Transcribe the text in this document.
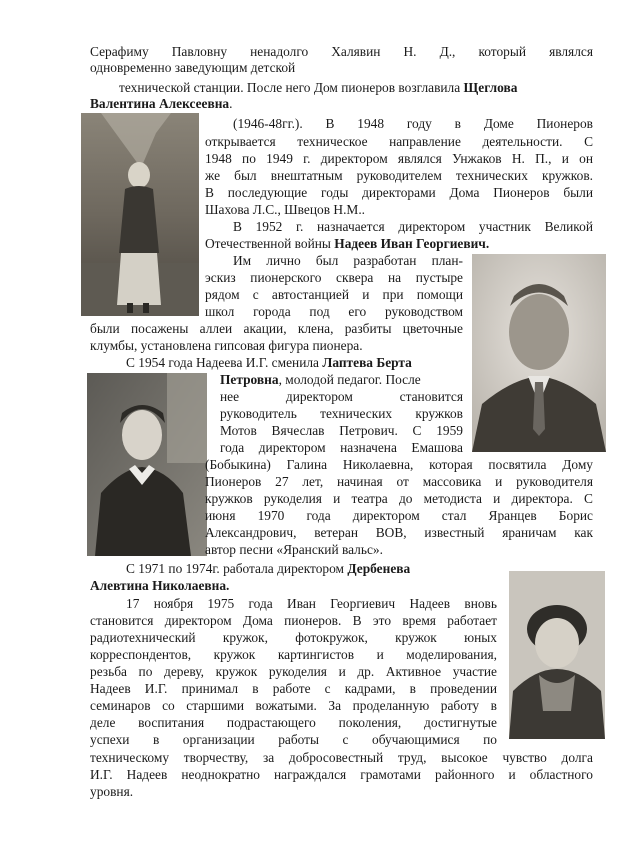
Серафиму Павловну ненадолго Халявин Н. Д., который являлся
одновременно заведующим детской
технической станции. После него Дом пионеров возглавила Щеглова
Валентина Алексеевна.
(1946-48гг.). В 1948 году в Доме Пионеров
открывается техническое направление деятельности. С
1948 по 1949 г. директором являлся Унжаков Н. П., и он
же был внештатным руководителем технических кружков.
В последующие годы директорами Дома Пионеров были
Шахова Л.С., Швецов Н.М..
В 1952 г. назначается директором участник Великой
Отечественной войны Надеев Иван Георгиевич.
Им лично был разработан план-
эскиз пионерского сквера на пустыре
рядом с автостанцией и при помощи
школ города под его руководством
были посажены аллеи акации, клена, разбиты цветочные
клумбы, установлена гипсовая фигура пионера.
С 1954 года Надеева И.Г. сменила Лаптева Берта
Петровна, молодой педагог. После
нее директором становится
руководитель технических кружков
Мотов Вячеслав Петрович. С 1959
года директором назначена Емашова
(Бобыкина) Галина Николаевна, которая посвятила Дому
Пионеров 27 лет, начиная от массовика и руководителя
кружков рукоделия и театра до методиста и директора. С
июня 1970 года директором стал Яранцев Борис
Александрович, ветеран ВОВ, известный яраничам как
автор песни «Яранский вальс».
С 1971 по 1974г. работала директором Дербенева
Алевтина Николаевна.
17 ноября 1975 года Иван Георгиевич Надеев вновь
становится директором Дома пионеров. В это время работает
радиотехнический кружок, фотокружок, кружок юных
корреспондентов, кружок картингистов и моделирования,
резьба по дереву, кружок рукоделия и др. Активное участие
Надеев И.Г. принимал в работе с кадрами, в проведении
семинаров со старшими вожатыми. За проделанную работу в
деле воспитания подрастающего поколения, достигнутые
успехи в организации работы с обучающимися по
техническому творчеству, за добросовестный труд, высокое чувство долга
И.Г. Надеев неоднократно награждался грамотами районного и областного
уровня.
